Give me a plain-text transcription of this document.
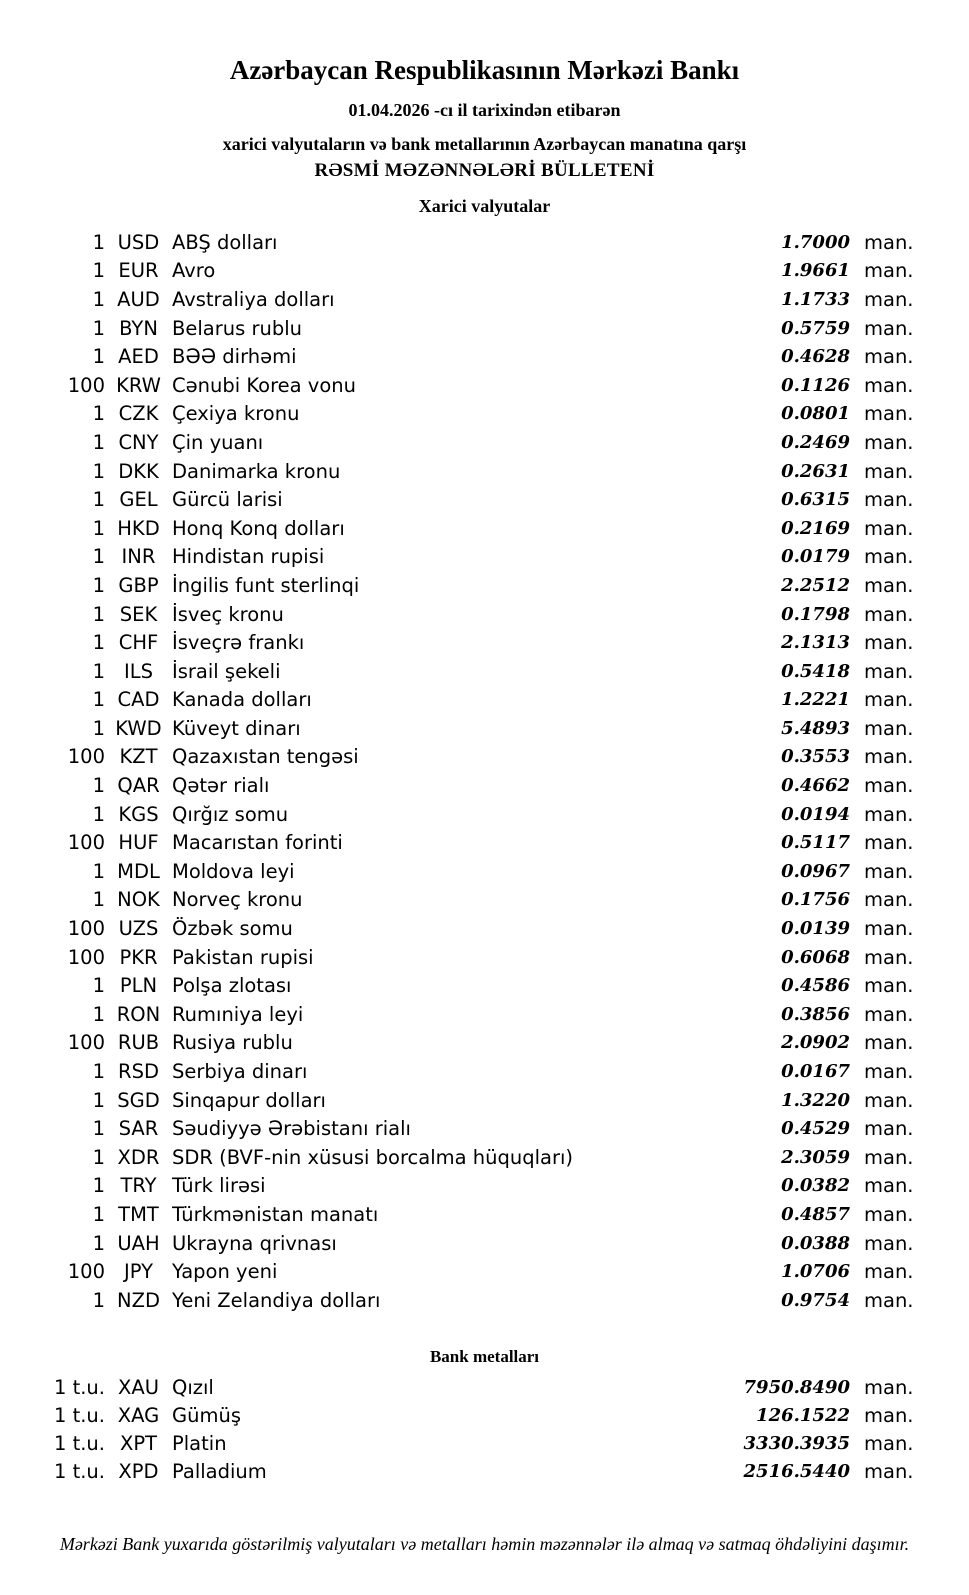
Azərbaycan Respublikasının Mərkəzi Bankı
01.04.2026 -cı il tarixindən etibarən
xarici valyutaların və bank metallarının Azərbaycan manatına qarşı
RƏSMİ MƏZƏNNƏLƏRİ BÜLLETENİ
Xarici valyutalar
1 USD ABŞ dolları	1.7000 man.
1 EUR Avro	1.9661 man.
1 AUD Avstraliya dolları	1.1733 man.
1 BYN Belarus rublu	0.5759 man.
1 AED BƏƏ dirhəmi	0.4628 man.
100 KRW Cənubi Korea vonu	0.1126 man.
1 CZK Çexiya kronu	0.0801 man.
1 CNY Çin yuanı	0.2469 man.
1 DKK Danimarka kronu	0.2631 man.
1 GEL Gürcü larisi	0.6315 man.
1 HKD Honq Konq dolları	0.2169 man.
1 INR Hindistan rupisi	0.0179 man.
1 GBP İngilis funt sterlinqi	2.2512 man.
1 SEK İsveç kronu	0.1798 man.
1 CHF İsveçrə frankı	2.1313 man.
1 ILS İsrail şekeli	0.5418 man.
1 CAD Kanada dolları	1.2221 man.
1 KWD Küveyt dinarı	5.4893 man.
100 KZT Qazaxıstan tengəsi	0.3553 man.
1 QAR Qətər rialı	0.4662 man.
1 KGS Qırğız somu	0.0194 man.
100 HUF Macarıstan forinti	0.5117 man.
1 MDL Moldova leyi	0.0967 man.
1 NOK Norveç kronu	0.1756 man.
100 UZS Özbək somu	0.0139 man.
100 PKR Pakistan rupisi	0.6068 man.
1 PLN Polşa zlotası	0.4586 man.
1 RON Rumıniya leyi	0.3856 man.
100 RUB Rusiya rublu	2.0902 man.
1 RSD Serbiya dinarı	0.0167 man.
1 SGD Sinqapur dolları	1.3220 man.
1 SAR Səudiyyə Ərəbistanı rialı	0.4529 man.
1 XDR SDR (BVF-nin xüsusi borcalma hüquqları)	2.3059 man.
1 TRY Türk lirəsi	0.0382 man.
1 TMT Türkmənistan manatı	0.4857 man.
1 UAH Ukrayna qrivnası	0.0388 man.
100 JPY Yapon yeni	1.0706 man.
1 NZD Yeni Zelandiya dolları	0.9754 man.
Bank metalları
1 t.u. XAU Qızıl	7950.8490 man.
1 t.u. XAG Gümüş	126.1522 man.
1 t.u. XPT Platin	3330.3935 man.
1 t.u. XPD Palladium	2516.5440 man.
Mərkəzi Bank yuxarıda göstərilmiş valyutaları və metalları həmin məzənnələr ilə almaq və satmaq öhdəliyini daşımır.
